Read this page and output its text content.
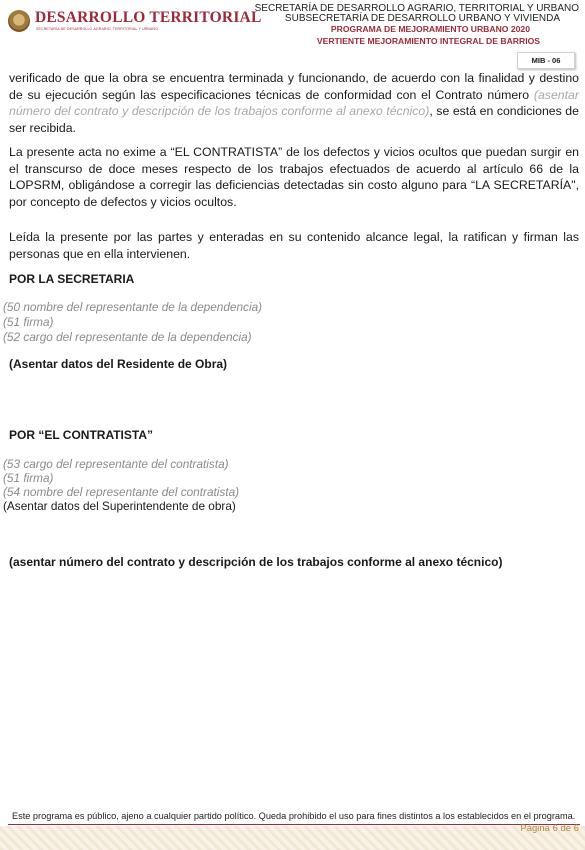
DESARROLLO TERRITORIAL
SECRETARÍA DE DESARROLLO AGRARIO, TERRITORIAL Y URBANO
SECRETARÍA DE DESARROLLO AGRARIO, TERRITORIAL Y URBANO
SUBSECRETARÍA DE DESARROLLO URBANO Y VIVIENDA
PROGRAMA DE MEJORAMIENTO URBANO 2020
VERTIENTE MEJORAMIENTO INTEGRAL DE BARRIOS
MIB - 06
verificado de que la obra se encuentra terminada y funcionando, de acuerdo con la finalidad y destino de su ejecución según las especificaciones técnicas de conformidad con el Contrato número (asentar número del contrato y descripción de los trabajos conforme al anexo técnico), se está en condiciones de ser recibida.
La presente acta no exime a “EL CONTRATISTA” de los defectos y vicios ocultos que puedan surgir en el transcurso de doce meses respecto de los trabajos efectuados de acuerdo al artículo 66 de la LOPSRM, obligándose a corregir las deficiencias detectadas sin costo alguno para “LA SECRETARÍA", por concepto de defectos y vicios ocultos.
Leída la presente por las partes y enteradas en su contenido alcance legal, la ratifican y firman las personas que en ella intervienen.
POR LA SECRETARIA
(50 nombre del representante de la dependencia)
(51 firma)
(52 cargo del representante de la dependencia)
(Asentar datos del Residente de Obra)
POR “EL CONTRATISTA”
(53 cargo del representante del contratista)
(51 firma)
(54 nombre del representante del contratista)
(Asentar datos del Superintendente de obra)
(asentar número del contrato y descripción de los trabajos conforme al anexo técnico)
Este programa es público, ajeno a cualquier partido político. Queda prohibido el uso para fines distintos a los establecidos en el programa.
Página 6 de 6
